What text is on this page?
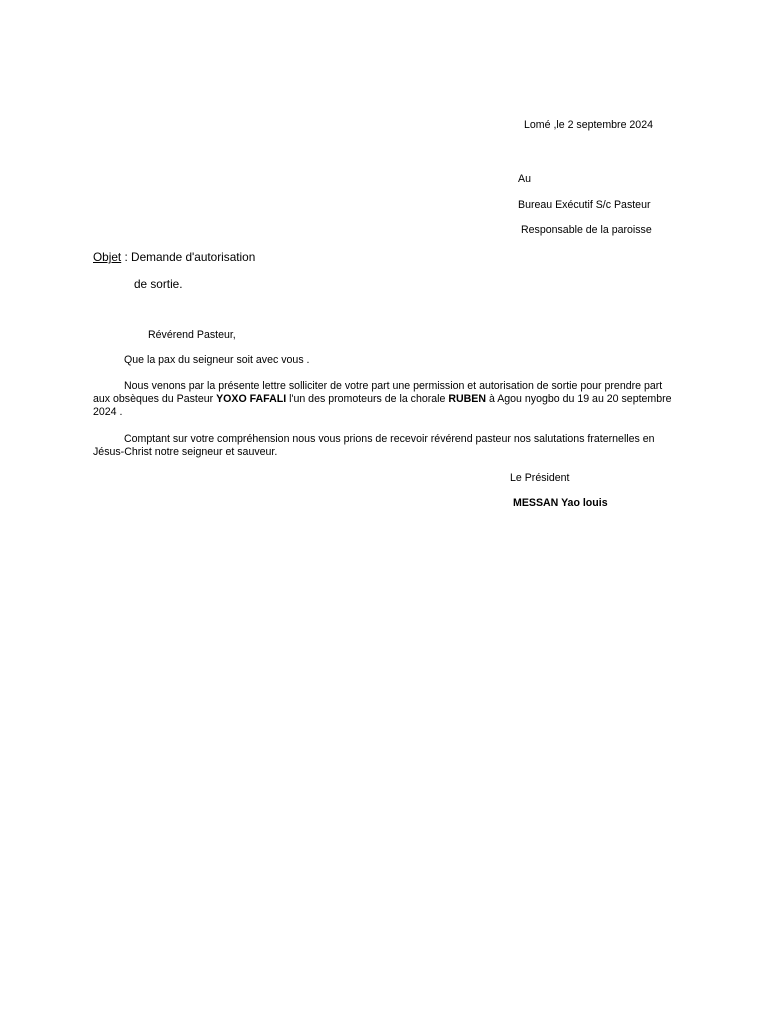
Lomé ,le 2 septembre 2024
Au
Bureau Exécutif S/c Pasteur
Responsable de la paroisse
Objet : Demande d'autorisation
de sortie.
Révérend Pasteur,
Que la pax du seigneur soit avec vous .

Nous venons par la présente lettre solliciter de votre part une permission et autorisation de sortie pour prendre part aux obsèques du Pasteur YOXO FAFALI l'un des promoteurs de la chorale RUBEN à Agou nyogbo du 19 au 20 septembre 2024 .

Comptant sur votre compréhension nous vous prions de recevoir révérend pasteur nos salutations fraternelles en Jésus-Christ notre seigneur et sauveur.

Le Président
MESSAN Yao louis
